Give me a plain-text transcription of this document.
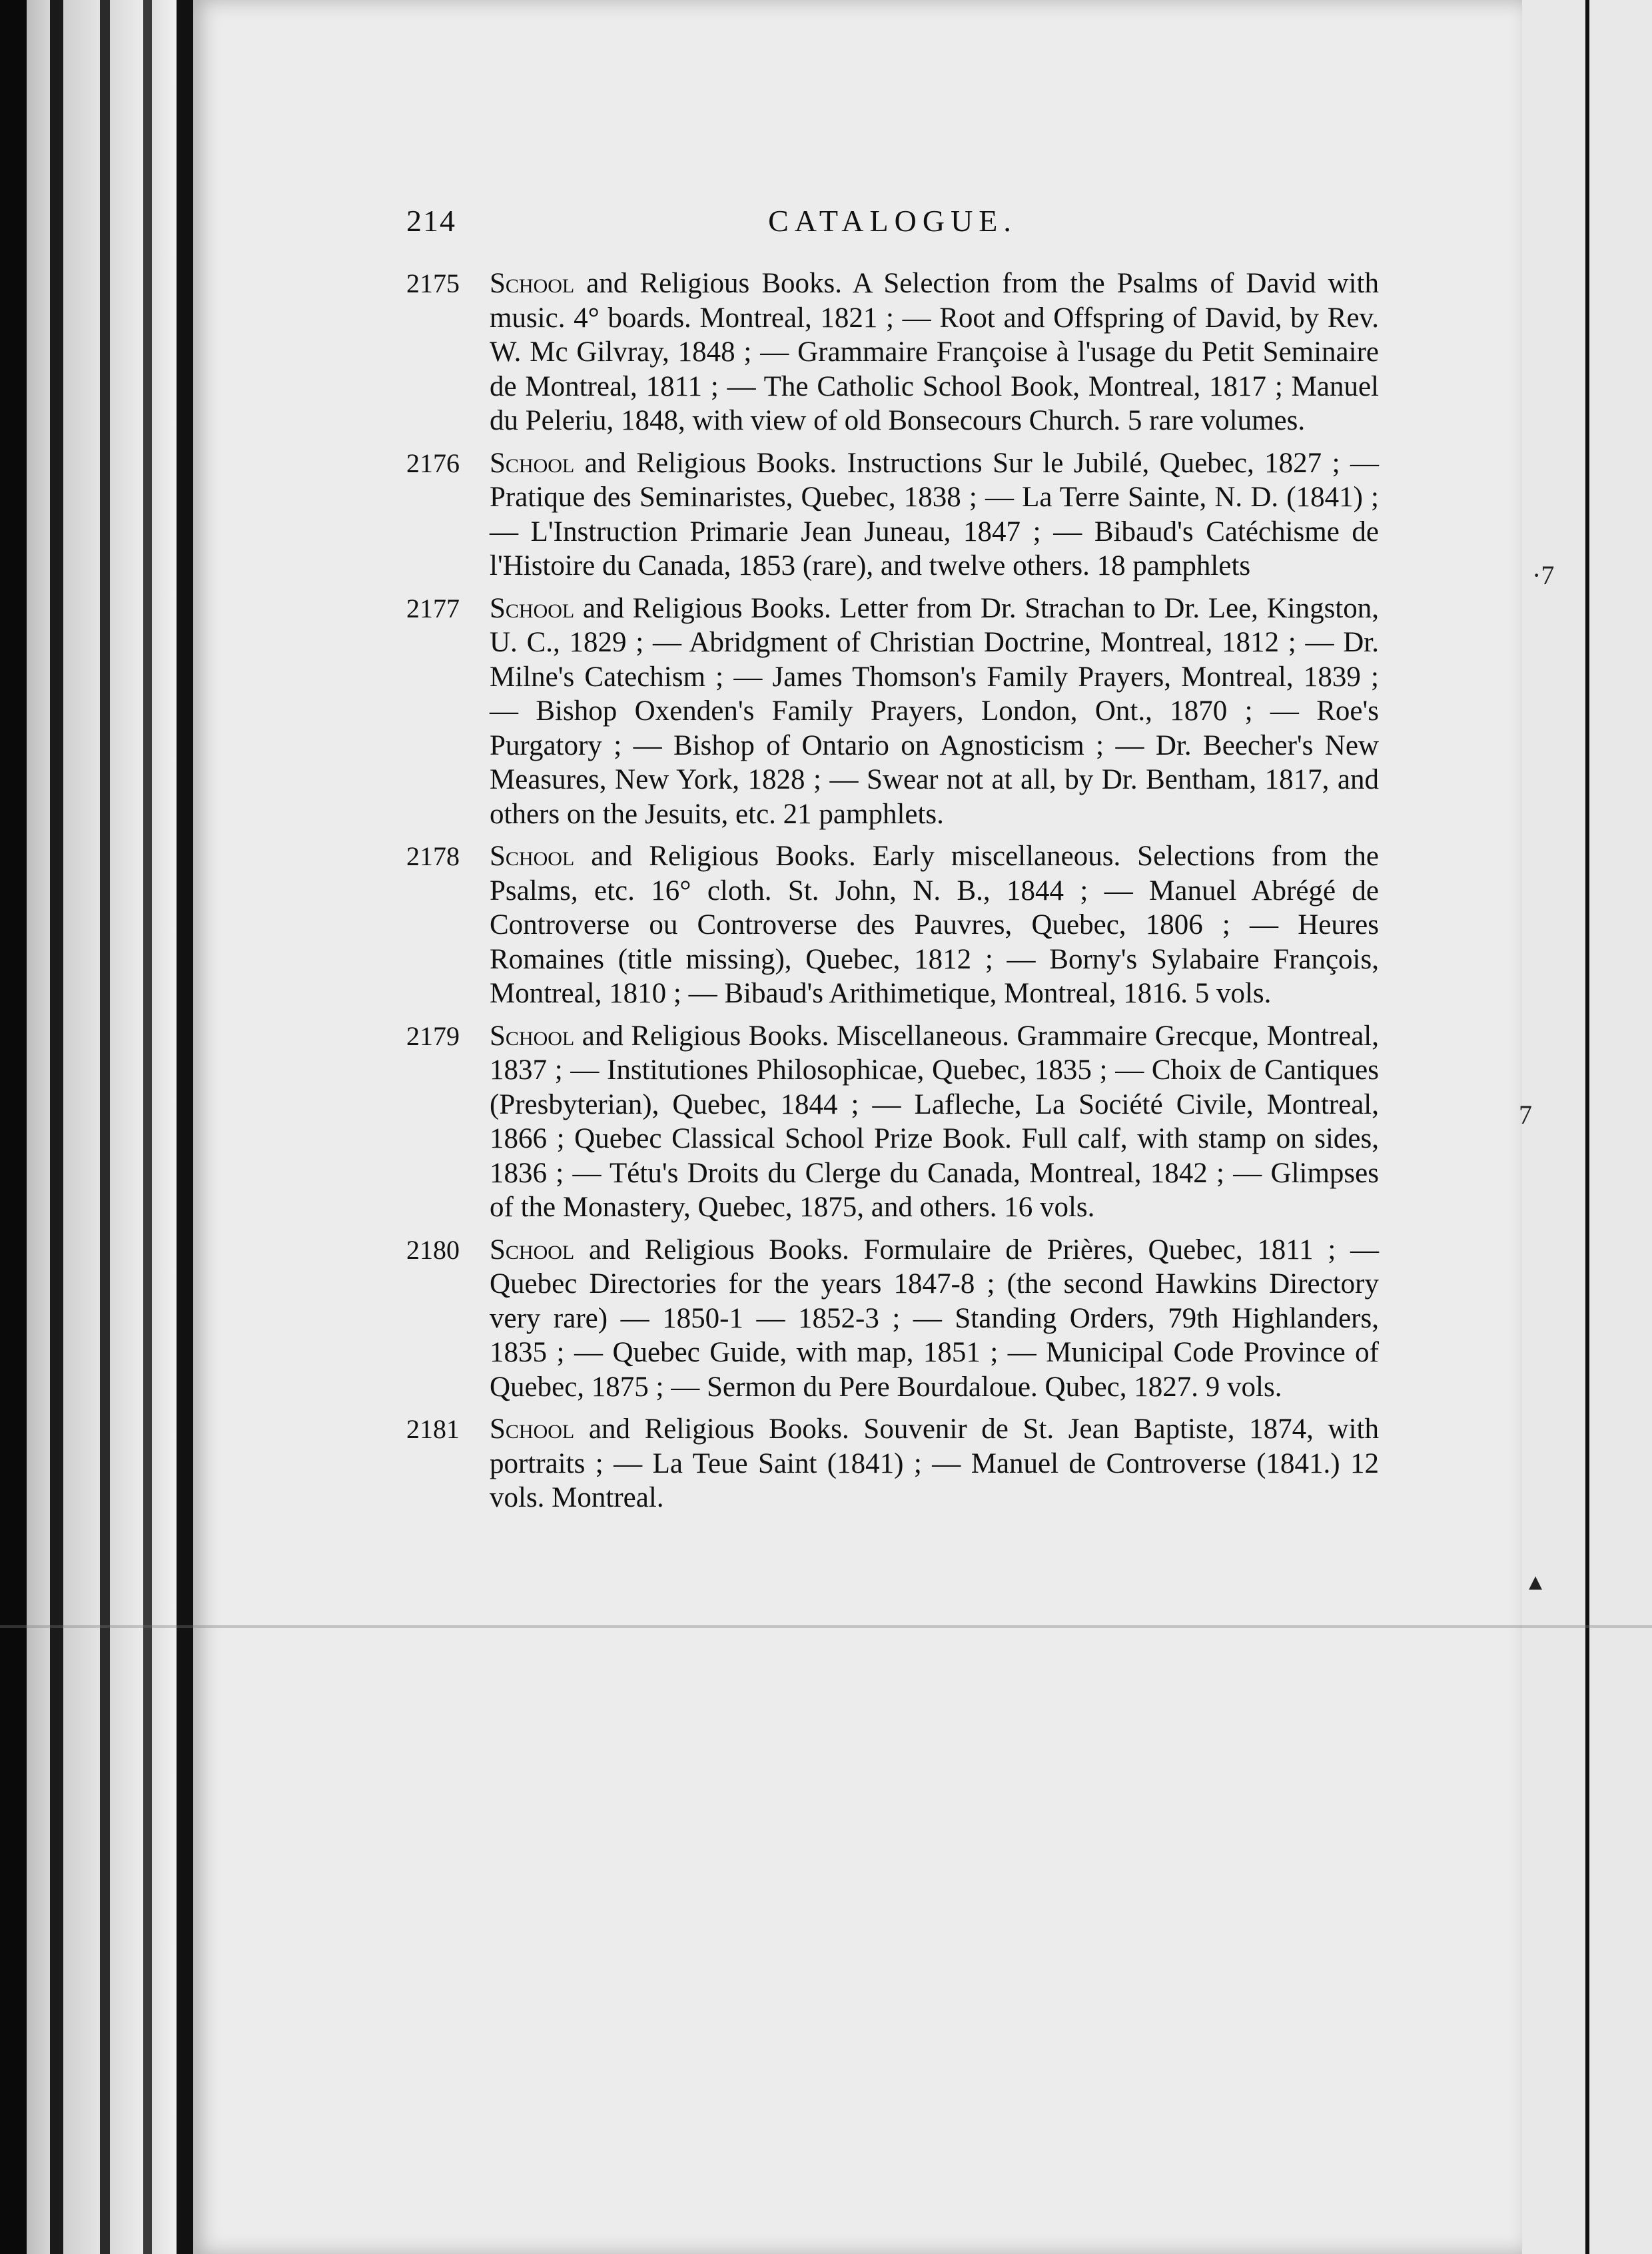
·7
7
▴
214	CATALOGUE.
2175 School and Religious Books. A Selection from the Psalms of David with music. 4° boards. Montreal, 1821 ; — Root and Offspring of David, by Rev. W. Mc Gilvray, 1848 ; — Grammaire Françoise à l'usage du Petit Seminaire de Montreal, 1811 ; — The Catholic School Book, Montreal, 1817 ; Manuel du Peleriu, 1848, with view of old Bonsecours Church. 5 rare volumes.
2176 School and Religious Books. Instructions Sur le Jubilé, Quebec, 1827 ; — Pratique des Seminaristes, Quebec, 1838 ; — La Terre Sainte, N. D. (1841) ; — L'Instruction Primarie Jean Juneau, 1847 ; — Bibaud's Catéchisme de l'Histoire du Canada, 1853 (rare), and twelve others. 18 pamphlets
2177 School and Religious Books. Letter from Dr. Strachan to Dr. Lee, Kingston, U. C., 1829 ; — Abridgment of Christian Doctrine, Montreal, 1812 ; — Dr. Milne's Catechism ; — James Thomson's Family Prayers, Montreal, 1839 ; — Bishop Oxenden's Family Prayers, London, Ont., 1870 ; — Roe's Purgatory ; — Bishop of Ontario on Agnosticism ; — Dr. Beecher's New Measures, New York, 1828 ; — Swear not at all, by Dr. Bentham, 1817, and others on the Jesuits, etc. 21 pamphlets.
2178 School and Religious Books. Early miscellaneous. Selections from the Psalms, etc. 16° cloth. St. John, N. B., 1844 ; — Manuel Abrégé de Controverse ou Controverse des Pauvres, Quebec, 1806 ; — Heures Romaines (title missing), Quebec, 1812 ; — Borny's Sylabaire François, Montreal, 1810 ; — Bibaud's Arithimetique, Montreal, 1816. 5 vols.
2179 School and Religious Books. Miscellaneous. Grammaire Grecque, Montreal, 1837 ; — Institutiones Philosophicae, Quebec, 1835 ; — Choix de Cantiques (Presbyterian), Quebec, 1844 ; — Lafleche, La Société Civile, Montreal, 1866 ; Quebec Classical School Prize Book. Full calf, with stamp on sides, 1836 ; — Tétu's Droits du Clerge du Canada, Montreal, 1842 ; — Glimpses of the Monastery, Quebec, 1875, and others. 16 vols.
2180 School and Religious Books. Formulaire de Prières, Quebec, 1811 ; — Quebec Directories for the years 1847-8 ; (the second Hawkins Directory very rare) — 1850-1 — 1852-3 ; — Standing Orders, 79th Highlanders, 1835 ; — Quebec Guide, with map, 1851 ; — Municipal Code Province of Quebec, 1875 ; — Sermon du Pere Bourdaloue. Qubec, 1827. 9 vols.
2181 School and Religious Books. Souvenir de St. Jean Baptiste, 1874, with portraits ; — La Teue Saint (1841) ; — Manuel de Controverse (1841.) 12 vols. Montreal.
